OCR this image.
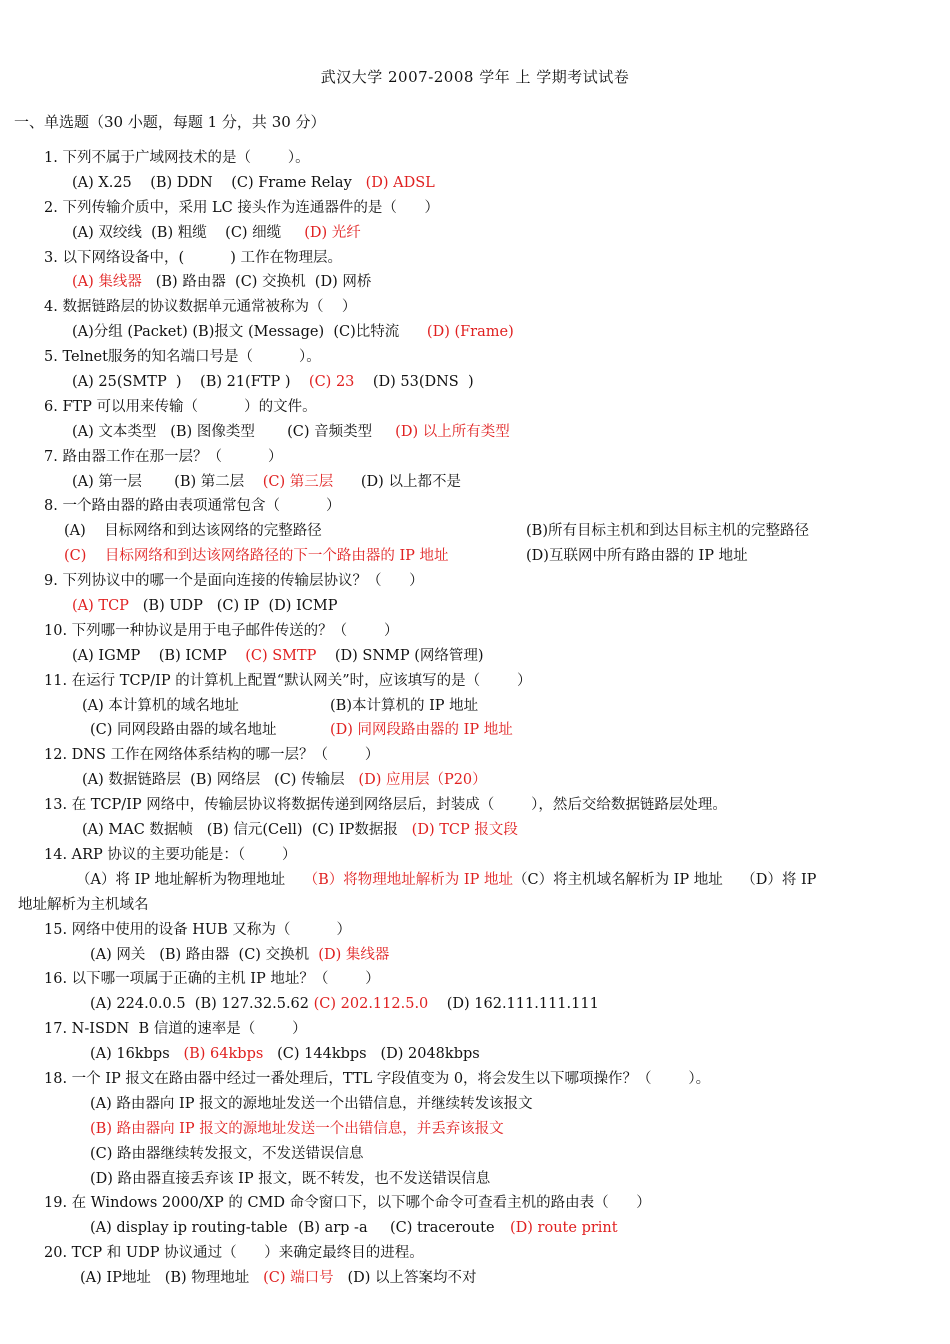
武汉大学 2007-2008 学年 上 学期考试试卷
一、单选题（30 小题，每题 1 分，共 30 分）
1. 下列不属于广域网技术的是（        ）。
(A) X.25 (B) DDN (C) Frame Relay (D) ADSL
2. 下列传输介质中，采用 LC 接头作为连通器件的是（      ）
(A) 双绞线 (B) 粗缆 (C) 细缆 (D) 光纤
3. 以下网络设备中，(          ) 工作在物理层。
(A) 集线器 (B) 路由器 (C) 交换机 (D) 网桥
4. 数据链路层的协议数据单元通常被称为（    ）
(A)分组 (Packet) (B)报文 (Message) (C)比特流 (D) (Frame)
5. Telnet服务的知名端口号是（          ）。
(A) 25(SMTP  ) (B) 21(FTP ) (C) 23 (D) 53(DNS  )
6. FTP 可以用来传输（          ）的文件。
(A) 文本类型 (B) 图像类型 (C) 音频类型 (D) 以上所有类型
7. 路由器工作在那一层？（          ）
(A) 第一层 (B) 第二层 (C) 第三层 (D) 以上都不是
8. 一个路由器的路由表项通常包含（          ）
(A)    目标网络和到达该网络的完整路径	(B)所有目标主机和到达目标主机的完整路径
(C)    目标网络和到达该网络路径的下一个路由器的 IP 地址	(D)互联网中所有路由器的 IP 地址
9. 下列协议中的哪一个是面向连接的传输层协议？（      ）
(A) TCP (B) UDP (C) IP (D) ICMP
10. 下列哪一种协议是用于电子邮件传送的？（        ）
(A) IGMP (B) ICMP (C) SMTP (D) SNMP (网络管理)
11. 在运行 TCP/IP 的计算机上配置“默认网关”时，应该填写的是（        ）
(A) 本计算机的域名地址	(B)本计算机的 IP 地址
(C) 同网段路由器的域名地址	(D) 同网段路由器的 IP 地址
12. DNS 工作在网络体系结构的哪一层？（        ）
(A) 数据链路层 (B) 网络层 (C) 传输层 (D) 应用层（P20）
13. 在 TCP/IP 网络中，传输层协议将数据传递到网络层后，封装成（        ），然后交给数据链路层处理。
(A) MAC 数据帧 (B) 信元(Cell) (C) IP数据报 (D) TCP 报文段
14. ARP 协议的主要功能是：（        ）
（A）将 IP 地址解析为物理地址 （B）将物理地址解析为 IP 地址（C）将主机域名解析为 IP 地址 （D）将 IP
地址解析为主机域名
15. 网络中使用的设备 HUB 又称为（          ）
(A) 网关 (B) 路由器 (C) 交换机 (D) 集线器
16. 以下哪一项属于正确的主机 IP 地址？（        ）
(A) 224.0.0.5 (B) 127.32.5.62 (C) 202.112.5.0 (D) 162.111.111.111
17. N-ISDN  B 信道的速率是（        ）
(A) 16kbps (B) 64kbps (C) 144kbps (D) 2048kbps
18. 一个 IP 报文在路由器中经过一番处理后，TTL 字段值变为 0，将会发生以下哪项操作？（        ）。
(A) 路由器向 IP 报文的源地址发送一个出错信息，并继续转发该报文
(B) 路由器向 IP 报文的源地址发送一个出错信息，并丢弃该报文
(C) 路由器继续转发报文，不发送错误信息
(D) 路由器直接丢弃该 IP 报文，既不转发，也不发送错误信息
19. 在 Windows 2000/XP 的 CMD 命令窗口下，以下哪个命令可查看主机的路由表（      ）
(A) display ip routing-table (B) arp -a (C) traceroute (D) route print
20. TCP 和 UDP 协议通过（      ）来确定最终目的进程。
(A) IP地址 (B) 物理地址 (C) 端口号 (D) 以上答案均不对
